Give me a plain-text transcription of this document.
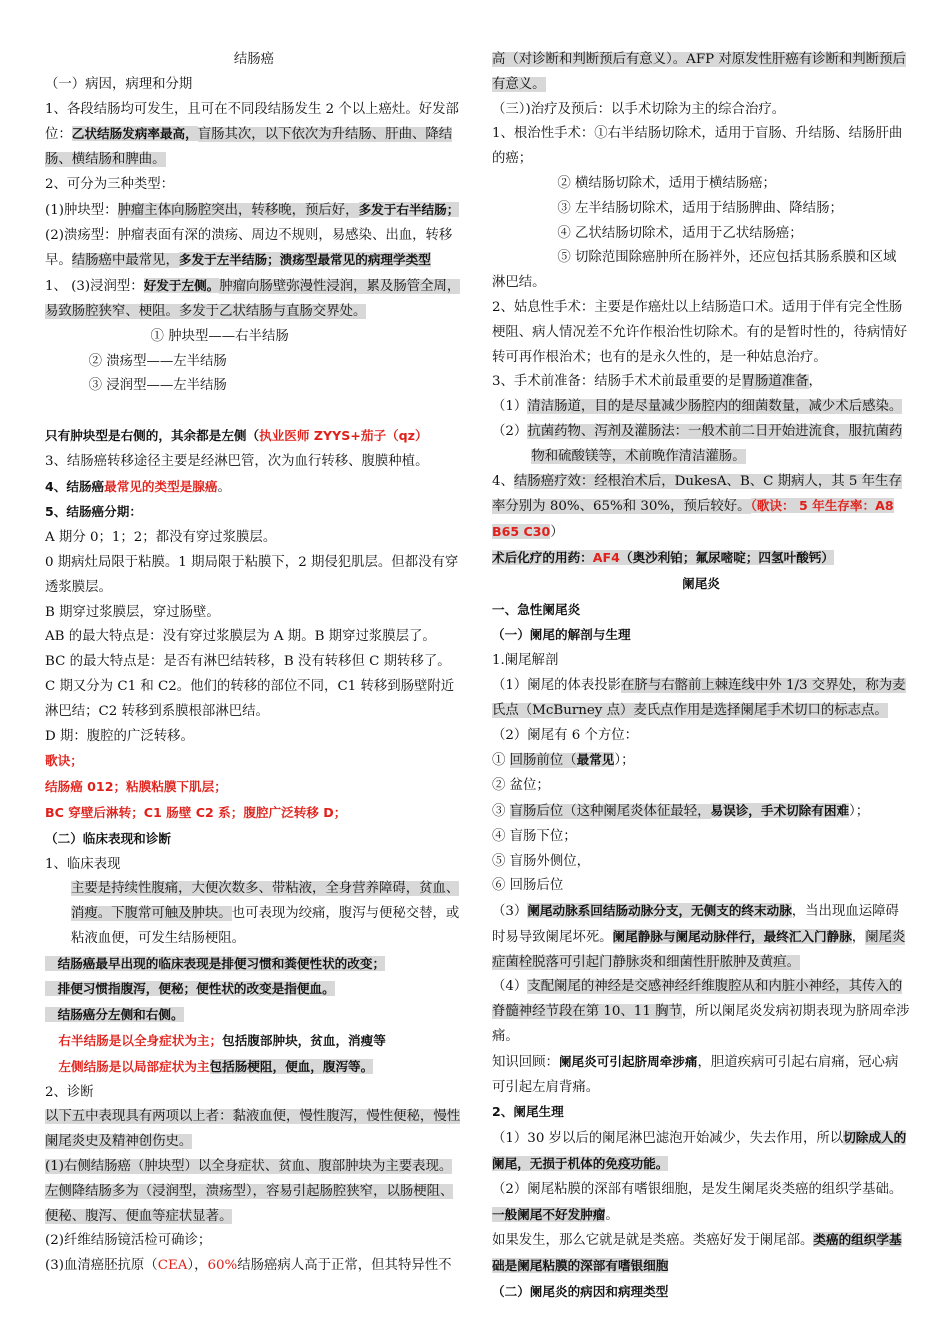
结肠癌

（一）病因，病理和分期

1、各段结肠均可发生，且可在不同段结肠发生 2 个以上癌灶。好发部位：乙状结肠发病率最高，盲肠其次，以下依次为升结肠、肝曲、降结肠、横结肠和脾曲。

2、可分为三种类型：

(1)肿块型：肿瘤主体向肠腔突出，转移晚，预后好，多发于右半结肠；

(2)溃疡型：肿瘤表面有深的溃疡、周边不规则，易感染、出血，转移早。结肠癌中最常见，多发于左半结肠；溃疡型最常见的病理学类型

1、 (3)浸润型：好发于左侧。肿瘤向肠壁弥漫性浸润，累及肠管全周，易致肠腔狭窄、梗阻。多发于乙状结肠与直肠交界处。

　　　　① 肿块型——右半结肠

　 ② 溃疡型——左半结肠

　 ③ 浸润型——左半结肠

只有肿块型是右侧的，其余都是左侧（执业医师 ZYYS+茄子（qz）

3、结肠癌转移途径主要是经淋巴管，次为血行转移、腹膜种植。

4、结肠癌最常见的类型是腺癌。

5、结肠癌分期：

A 期分 0；1；2；都没有穿过浆膜层。

0 期病灶局限于粘膜。1 期局限于粘膜下，2 期侵犯肌层。但都没有穿透浆膜层。

B 期穿过浆膜层，穿过肠壁。

AB 的最大特点是：没有穿过浆膜层为 A 期。B 期穿过浆膜层了。

BC 的最大特点是：是否有淋巴结转移，B 没有转移但 C 期转移了。

C 期又分为 C1 和 C2。他们的转移的部位不同，C1 转移到肠壁附近淋巴结；C2 转移到系膜根部淋巴结。

D 期：腹腔的广泛转移。

歌诀；

结肠癌 012；粘膜粘膜下肌层；

BC 穿壁后淋转；C1 肠壁 C2 系；腹腔广泛转移 D；

（二）临床表现和诊断

1、临床表现

主要是持续性腹痛，大便次数多、带粘液，全身营养障碍，贫血、消瘦。下腹常可触及肿块。也可表现为绞痛，腹泻与便秘交替，或粘液血便，可发生结肠梗阻。

　结肠癌最早出现的临床表现是排便习惯和粪便性状的改变；

　排便习惯指腹泻，便秘；便性状的改变是指便血。

　结肠癌分左侧和右侧。

　右半结肠是以全身症状为主；包括腹部肿块，贫血，消瘦等

　左侧结肠是以局部症状为主包括肠梗阻，便血，腹泻等。

2、诊断

以下五中表现具有两项以上者：黏液血便，慢性腹泻，慢性便秘，慢性阑尾炎史及精神创伤史。

(1)右侧结肠癌（肿块型）以全身症状、贫血、腹部肿块为主要表现。左侧降结肠多为（浸润型，溃疡型），容易引起肠腔狭窄，以肠梗阻、便秘、腹泻、便血等症状显著。

(2)纤维结肠镜活检可确诊；

(3)血清癌胚抗原（CEA），60%结肠癌病人高于正常，但其特异性不

高（对诊断和判断预后有意义）。AFP 对原发性肝癌有诊断和判断预后有意义。

（三）)治疗及预后：以手术切除为主的综合治疗。

1、根治性手术：①右半结肠切除术，适用于盲肠、升结肠、结肠肝曲的癌；

　② 横结肠切除术，适用于横结肠癌；

　③ 左半结肠切除术，适用于结肠脾曲、降结肠；

　④ 乙状结肠切除术，适用于乙状结肠癌；

　⑤ 切除范围除癌肿所在肠袢外，还应包括其肠系膜和区域

淋巴结。

2、姑息性手术：主要是作癌灶以上结肠造口术。适用于伴有完全性肠梗阻、病人情况差不允许作根治性切除术。有的是暂时性的，待病情好转可再作根治术；也有的是永久性的，是一种姑息治疗。

3、手术前准备：结肠手术术前最重要的是胃肠道准备，

（1）清洁肠道，目的是尽量减少肠腔内的细菌数量，减少术后感染。

（2）抗菌药物、泻剂及灌肠法：一般术前二日开始进流食，服抗菌药

　物和硫酸镁等，术前晚作清洁灌肠。

4、结肠癌疗效：经根治术后，DukesA、B、C 期病人，其 5 年生存率分别为 80%、65%和 30%，预后较好。（歌诀： 5 年生存率：A8 B65 C30）

术后化疗的用药：AF4（奥沙利铂；氟尿嘧啶；四氢叶酸钙）

阑尾炎

一、急性阑尾炎

（一）阑尾的解剖与生理

1.阑尾解剖

（1）阑尾的体表投影在脐与右髂前上棘连线中外 1/3 交界处，称为麦氏点（McBurney 点）麦氏点作用是选择阑尾手术切口的标志点。

（2）阑尾有 6 个方位：

① 回肠前位（最常见）；

② 盆位；

③ 盲肠后位（这种阑尾炎体征最轻，易误诊，手术切除有困难）；

④ 盲肠下位；

⑤ 盲肠外侧位，

⑥ 回肠后位

（3）阑尾动脉系回结肠动脉分支，无侧支的终末动脉，当出现血运障碍时易导致阑尾坏死。阑尾静脉与阑尾动脉伴行，最终汇入门静脉，阑尾炎症菌栓脱落可引起门静脉炎和细菌性肝脓肿及黄疸。

（4）支配阑尾的神经是交感神经纤维腹腔从和内脏小神经，其传入的脊髓神经节段在第 10、11 胸节，所以阑尾炎发病初期表现为脐周牵涉痛。

知识回顾：阑尾炎可引起脐周牵涉痛，胆道疾病可引起右肩痛，冠心病可引起左肩背痛。

2、阑尾生理

（1）30 岁以后的阑尾淋巴滤泡开始减少，失去作用，所以切除成人的阑尾，无损于机体的免疫功能。

（2）阑尾粘膜的深部有嗜银细胞，是发生阑尾炎类癌的组织学基础。一般阑尾不好发肿瘤。

如果发生，那么它就是就是类癌。类癌好发于阑尾部。类癌的组织学基础是阑尾粘膜的深部有嗜银细胞

（二）阑尾炎的病因和病理类型
